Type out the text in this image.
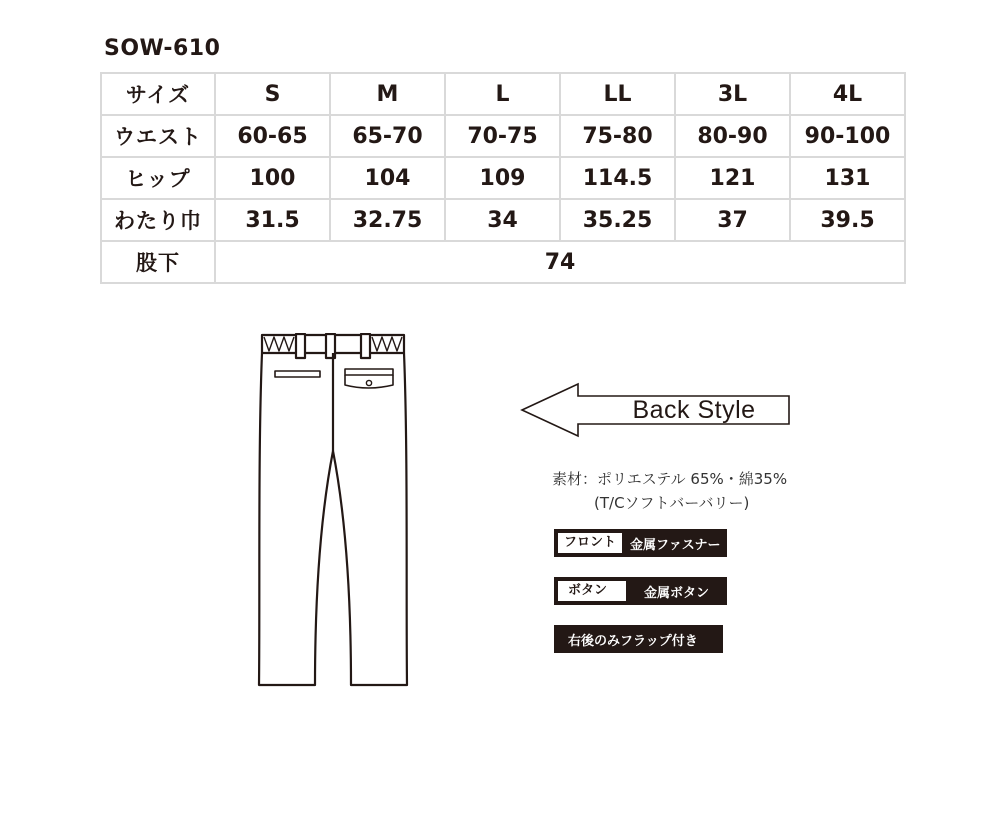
SOW-610
サイズ	S	M	L	LL	3L	4L
ウエスト	60-65	65-70	70-75	75-80	80-90	90-100
ヒップ	100	104	109	114.5	121	131
わたり巾	31.5	32.75	34	35.25	37	39.5
股下	74					
Back Style
素材：ポリエステル 65%・綿35%
(T/Cソフトバーバリー)
フロント	金属ファスナー
ボタン	金属ボタン
右後のみフラップ付き
